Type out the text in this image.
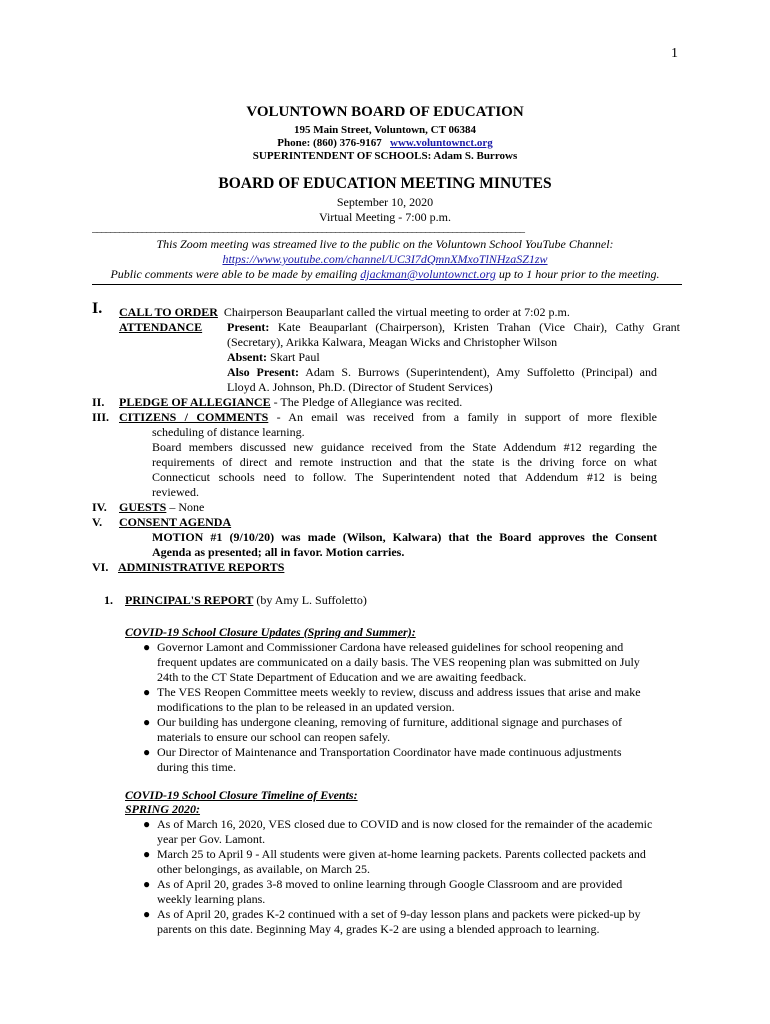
1
VOLUNTOWN BOARD OF EDUCATION
195 Main Street, Voluntown, CT 06384
Phone: (860) 376-9167 www.voluntownct.org
SUPERINTENDENT OF SCHOOLS: Adam S. Burrows
BOARD OF EDUCATION MEETING MINUTES
September 10, 2020
Virtual Meeting - 7:00 p.m.
________________________________________________________________________________________________
This Zoom meeting was streamed live to the public on the Voluntown School YouTube Channel:
https://www.youtube.com/channel/UC3I7dQmnXMxoTlNHzaSZ1zw
Public comments were able to be made by emailing djackman@voluntownct.org up to 1 hour prior to the meeting.
I. CALL TO ORDER Chairperson Beauparlant called the virtual meeting to order at 7:02 p.m.
ATTENDANCE Present: Kate Beauparlant (Chairperson), Kristen Trahan (Vice Chair), Cathy Grant
(Secretary), Arikka Kalwara, Meagan Wicks and Christopher Wilson
Absent: Skart Paul
Also Present: Adam S. Burrows (Superintendent), Amy Suffoletto (Principal) and
Lloyd A. Johnson, Ph.D. (Director of Student Services)
II. PLEDGE OF ALLEGIANCE - The Pledge of Allegiance was recited.
III. CITIZENS / COMMENTS - An email was received from a family in support of more flexible
scheduling of distance learning.
Board members discussed new guidance received from the State Addendum #12 regarding the
requirements of direct and remote instruction and that the state is the driving force on what
Connecticut schools need to follow. The Superintendent noted that Addendum #12 is being
reviewed.
IV. GUESTS – None
V. CONSENT AGENDA
MOTION #1 (9/10/20) was made (Wilson, Kalwara) that the Board approves the Consent
Agenda as presented; all in favor. Motion carries.
VI. ADMINISTRATIVE REPORTS
1. PRINCIPAL'S REPORT (by Amy L. Suffoletto)
COVID-19 School Closure Updates (Spring and Summer):
● Governor Lamont and Commissioner Cardona have released guidelines for school reopening and
frequent updates are communicated on a daily basis. The VES reopening plan was submitted on July
24th to the CT State Department of Education and we are awaiting feedback.
● The VES Reopen Committee meets weekly to review, discuss and address issues that arise and make
modifications to the plan to be released in an updated version.
● Our building has undergone cleaning, removing of furniture, additional signage and purchases of
materials to ensure our school can reopen safely.
● Our Director of Maintenance and Transportation Coordinator have made continuous adjustments
during this time.
COVID-19 School Closure Timeline of Events:
SPRING 2020:
● As of March 16, 2020, VES closed due to COVID and is now closed for the remainder of the academic
year per Gov. Lamont.
● March 25 to April 9 - All students were given at-home learning packets. Parents collected packets and
other belongings, as available, on March 25.
● As of April 20, grades 3-8 moved to online learning through Google Classroom and are provided
weekly learning plans.
● As of April 20, grades K-2 continued with a set of 9-day lesson plans and packets were picked-up by
parents on this date. Beginning May 4, grades K-2 are using a blended approach to learning.
